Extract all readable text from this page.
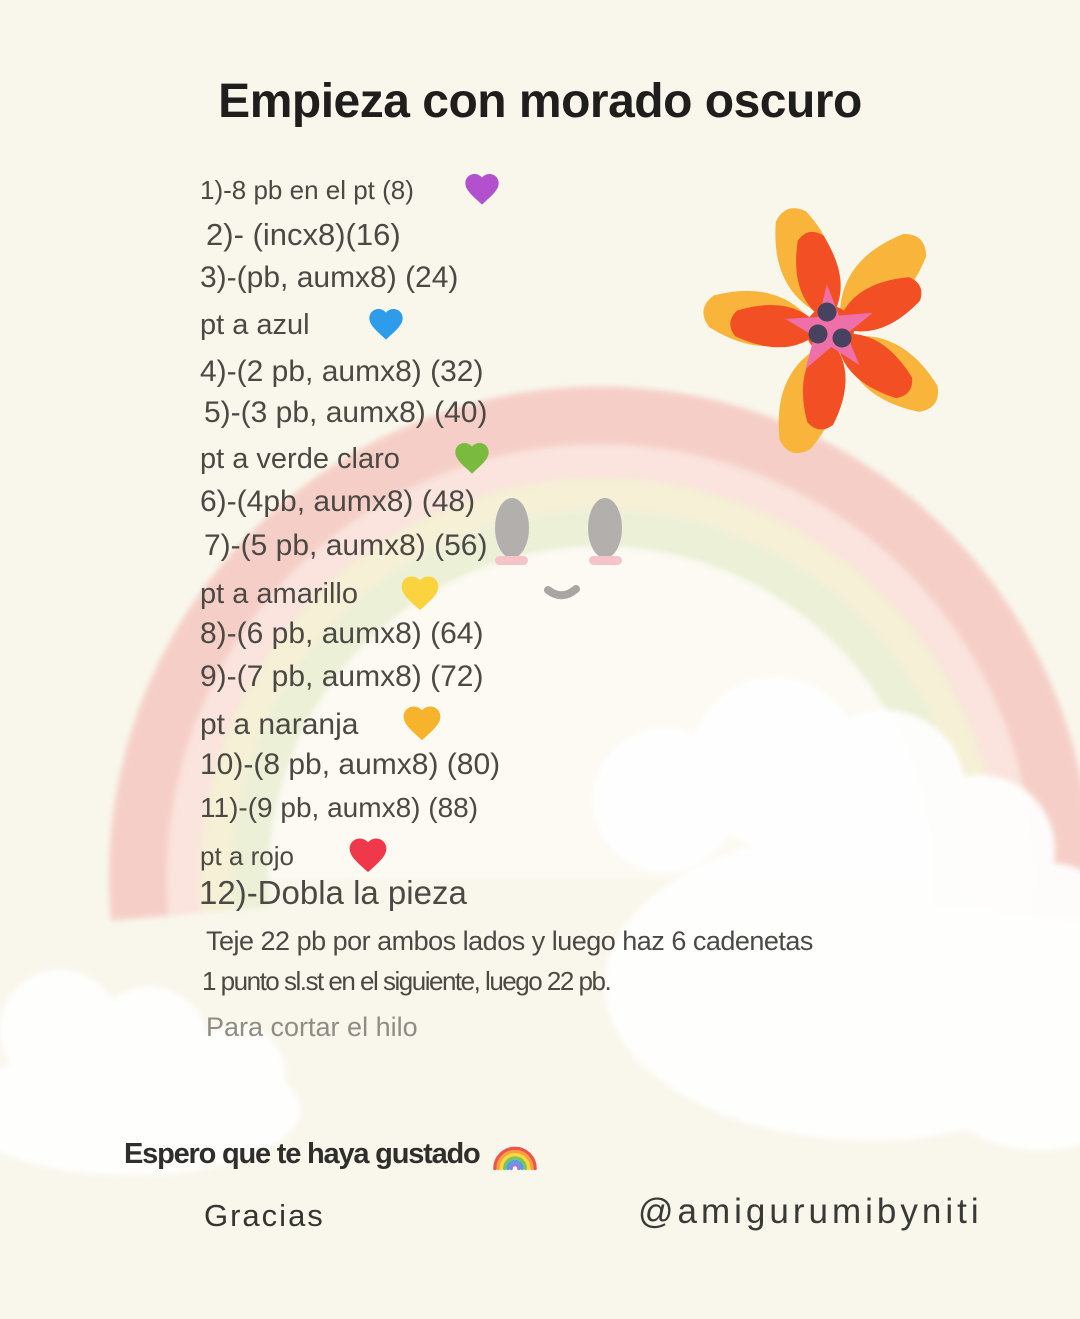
Empieza con morado oscuro
1)-8 pb en el pt (8)
2)- (incx8)(16)
3)-(pb, aumx8) (24)
pt a azul
4)-(2 pb, aumx8) (32)
5)-(3 pb, aumx8) (40)
pt a verde claro
6)-(4pb, aumx8) (48)
7)-(5 pb, aumx8) (56)
pt a amarillo
8)-(6 pb, aumx8) (64)
9)-(7 pb, aumx8) (72)
pt a naranja
10)-(8 pb, aumx8) (80)
11)-(9 pb, aumx8) (88)
pt a rojo
12)-Dobla la pieza
Teje 22 pb por ambos lados y luego haz 6 cadenetas
1 punto sl.st en el siguiente, luego 22 pb.
Para cortar el hilo
Espero que te haya gustado
Gracias	@amigurumibyniti
